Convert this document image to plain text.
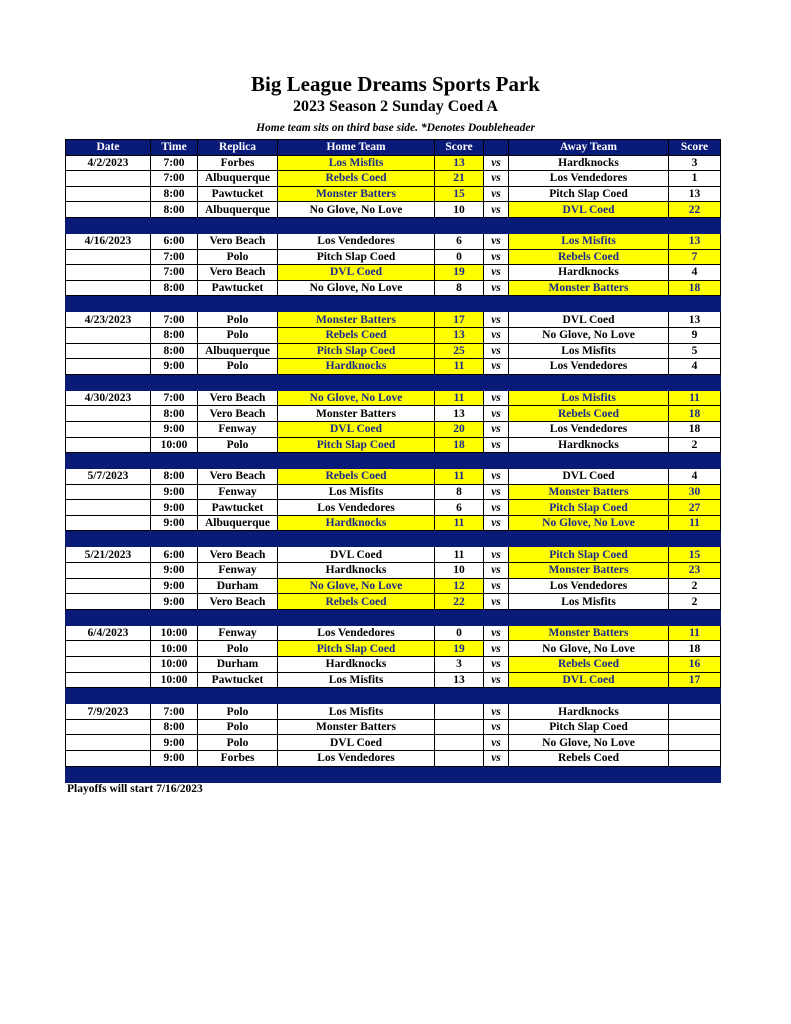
Big League Dreams Sports Park
2023 Season 2 Sunday Coed A
Home team sits on third base side. *Denotes Doubleheader
Date	Time	Replica	Home Team	Score		Away Team	Score
4/2/2023	7:00	Forbes	Los Misfits	13	vs	Hardknocks	3
	7:00	Albuquerque	Rebels Coed	21	vs	Los Vendedores	1
	8:00	Pawtucket	Monster Batters	15	vs	Pitch Slap Coed	13
	8:00	Albuquerque	No Glove, No Love	10	vs	DVL Coed	22

4/16/2023	6:00	Vero Beach	Los Vendedores	6	vs	Los Misfits	13
	7:00	Polo	Pitch Slap Coed	0	vs	Rebels Coed	7
	7:00	Vero Beach	DVL Coed	19	vs	Hardknocks	4
	8:00	Pawtucket	No Glove, No Love	8	vs	Monster Batters	18

4/23/2023	7:00	Polo	Monster Batters	17	vs	DVL Coed	13
	8:00	Polo	Rebels Coed	13	vs	No Glove, No Love	9
	8:00	Albuquerque	Pitch Slap Coed	25	vs	Los Misfits	5
	9:00	Polo	Hardknocks	11	vs	Los Vendedores	4

4/30/2023	7:00	Vero Beach	No Glove, No Love	11	vs	Los Misfits	11
	8:00	Vero Beach	Monster Batters	13	vs	Rebels Coed	18
	9:00	Fenway	DVL Coed	20	vs	Los Vendedores	18
	10:00	Polo	Pitch Slap Coed	18	vs	Hardknocks	2

5/7/2023	8:00	Vero Beach	Rebels Coed	11	vs	DVL Coed	4
	9:00	Fenway	Los Misfits	8	vs	Monster Batters	30
	9:00	Pawtucket	Los Vendedores	6	vs	Pitch Slap Coed	27
	9:00	Albuquerque	Hardknocks	11	vs	No Glove, No Love	11

5/21/2023	6:00	Vero Beach	DVL Coed	11	vs	Pitch Slap Coed	15
	9:00	Fenway	Hardknocks	10	vs	Monster Batters	23
	9:00	Durham	No Glove, No Love	12	vs	Los Vendedores	2
	9:00	Vero Beach	Rebels Coed	22	vs	Los Misfits	2

6/4/2023	10:00	Fenway	Los Vendedores	0	vs	Monster Batters	11
	10:00	Polo	Pitch Slap Coed	19	vs	No Glove, No Love	18
	10:00	Durham	Hardknocks	3	vs	Rebels Coed	16
	10:00	Pawtucket	Los Misfits	13	vs	DVL Coed	17

7/9/2023	7:00	Polo	Los Misfits		vs	Hardknocks	
	8:00	Polo	Monster Batters		vs	Pitch Slap Coed	
	9:00	Polo	DVL Coed		vs	No Glove, No Love	
	9:00	Forbes	Los Vendedores		vs	Rebels Coed	

Playoffs will start 7/16/2023
